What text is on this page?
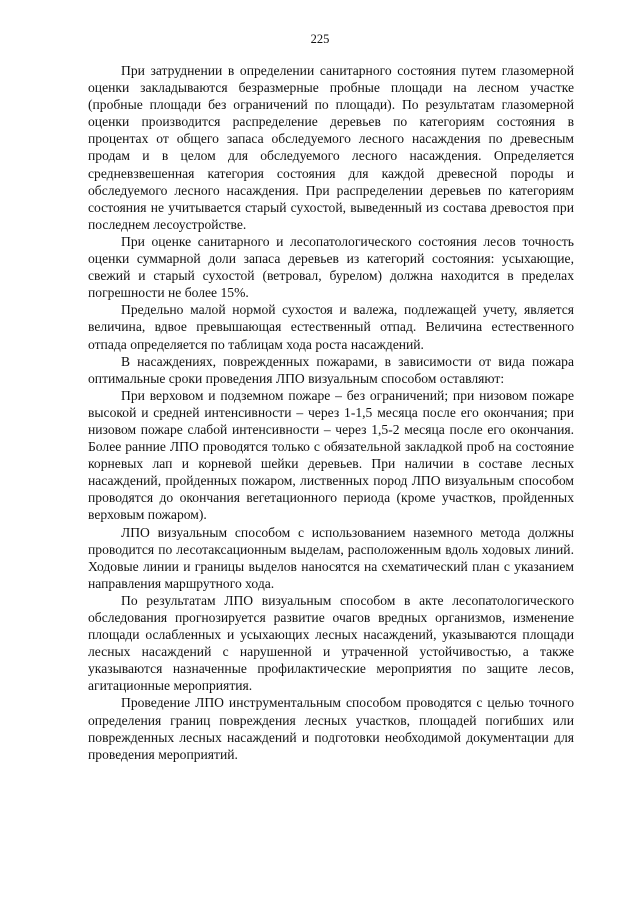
225

При затруднении в определении санитарного состояния путем глазомерной оценки закладываются безразмерные пробные площади на лесном участке (пробные площади без ограничений по площади). По результатам глазомерной оценки производится распределение деревьев по категориям состояния в процентах от общего запаса обследуемого лесного насаждения по древесным продам и в целом для обследуемого лесного насаждения. Определяется средневзвешенная категория состояния для каждой древесной породы и обследуемого лесного насаждения. При распределении деревьев по категориям состояния не учитывается старый сухостой, выведенный из состава древостоя при последнем лесоустройстве.

При оценке санитарного и лесопатологического состояния лесов точность оценки суммарной доли запаса деревьев из категорий состояния: усыхающие, свежий и старый сухостой (ветровал, бурелом) должна находится в пределах погрешности не более 15%.

Предельно малой нормой сухостоя и валежа, подлежащей учету, является величина, вдвое превышающая естественный отпад. Величина естественного отпада определяется по таблицам хода роста насаждений.

В насаждениях, поврежденных пожарами, в зависимости от вида пожара оптимальные сроки проведения ЛПО визуальным способом оставляют:

При верховом и подземном пожаре – без ограничений; при низовом пожаре высокой и средней интенсивности – через 1-1,5 месяца после его окончания; при низовом пожаре слабой интенсивности – через 1,5-2 месяца после его окончания. Более ранние ЛПО проводятся только с обязательной закладкой проб на состояние корневых лап и корневой шейки деревьев. При наличии в составе лесных насаждений, пройденных пожаром, лиственных пород ЛПО визуальным способом проводятся до окончания вегетационного периода (кроме участков, пройденных верховым пожаром).

ЛПО визуальным способом с использованием наземного метода должны проводится по лесотаксационным выделам, расположенным вдоль ходовых линий. Ходовые линии и границы выделов наносятся на схематический план с указанием направления маршрутного хода.

По результатам ЛПО визуальным способом в акте лесопатологического обследования прогнозируется развитие очагов вредных организмов, изменение площади ослабленных и усыхающих лесных насаждений, указываются площади лесных насаждений с нарушенной и утраченной устойчивостью, а также указываются назначенные профилактические мероприятия по защите лесов, агитационные мероприятия.

Проведение ЛПО инструментальным способом проводятся с целью точного определения границ повреждения лесных участков, площадей погибших или поврежденных лесных насаждений и подготовки необходимой документации для проведения мероприятий.
